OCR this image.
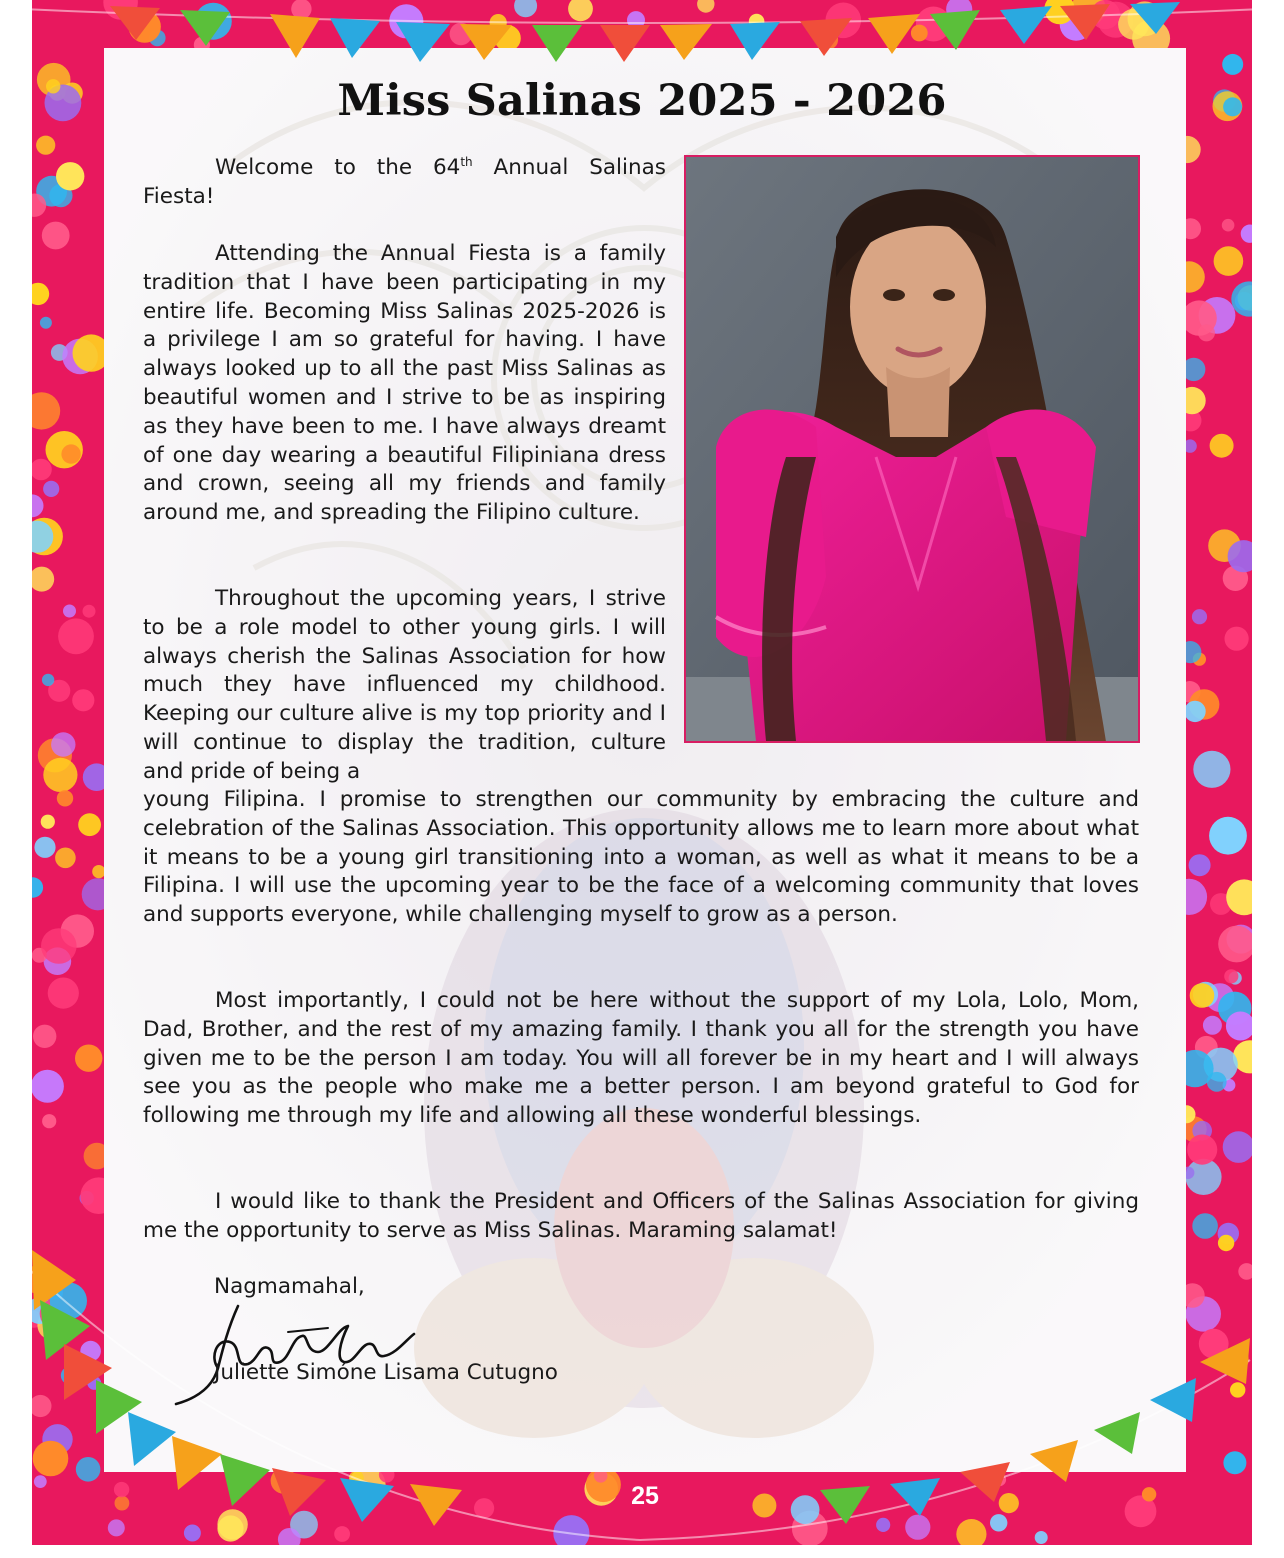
Miss Salinas 2025 - 2026

Welcome to the 64th Annual Salinas Fiesta!

Attending the Annual Fiesta is a family tradition that I have been participating in my entire life. Becoming Miss Salinas 2025-2026 is a privilege I am so grateful for having. I have always looked up to all the past Miss Salinas as beautiful women and I strive to be as inspiring as they have been to me. I have always dreamt of one day wearing a beautiful Filipiniana dress and crown, seeing all my friends and family around me, and spreading the Filipino culture.

Throughout the upcoming years, I strive to be a role model to other young girls. I will always cherish the Salinas Association for how much they have influenced my childhood. Keeping our culture alive is my top priority and I will continue to display the tradition, culture and pride of being a

young Filipina. I promise to strengthen our community by embracing the culture and celebration of the Salinas Association. This opportunity allows me to learn more about what it means to be a young girl transitioning into a woman, as well as what it means to be a Filipina. I will use the upcoming year to be the face of a welcoming community that loves and supports everyone, while challenging myself to grow as a person.

Most importantly, I could not be here without the support of my Lola, Lolo, Mom, Dad, Brother, and the rest of my amazing family. I thank you all for the strength you have given me to be the person I am today. You will all forever be in my heart and I will always see you as the people who make me a better person. I am beyond grateful to God for following me through my life and allowing all these wonderful blessings.

I would like to thank the President and Officers of the Salinas Association for giving me the opportunity to serve as Miss Salinas. Maraming salamat!

Nagmamahal,

Juliette Simóne Lisama Cutugno

25
